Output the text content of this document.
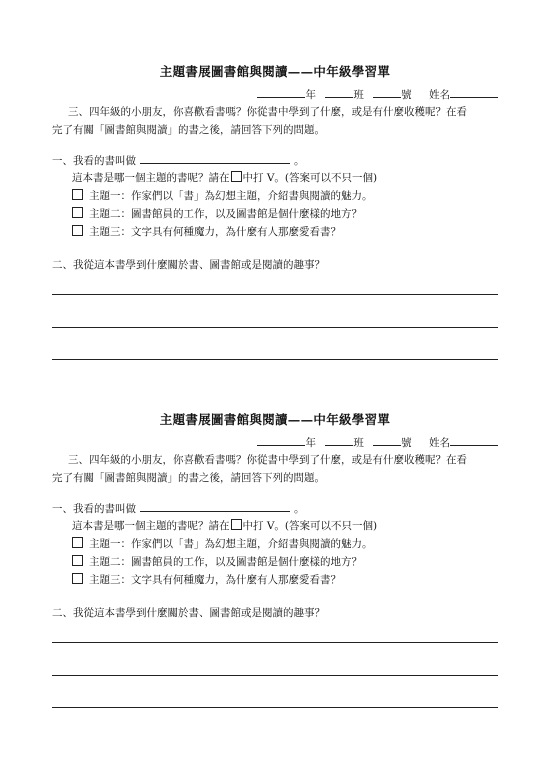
主題書展圖書館與閱讀——中年級學習單
年	班	號 姓名
三、四年級的小朋友，你喜歡看書嗎？你從書中學到了什麼，或是有什麼收穫呢？在看
完了有關「圖書館與閱讀」的書之後，請回答下列的問題。
一、我看的書叫做	。
這本書是哪一個主題的書呢？請在 中打 V。(答案可以不只一個)
主題一：作家們以「書」為幻想主題，介紹書與閱讀的魅力。
主題二：圖書館員的工作，以及圖書館是個什麼樣的地方？
主題三：文字具有何種魔力，為什麼有人那麼愛看書？
二、我從這本書學到什麼關於書、圖書館或是閱讀的趣事？
主題書展圖書館與閱讀——中年級學習單
年	班	號 姓名
三、四年級的小朋友，你喜歡看書嗎？你從書中學到了什麼，或是有什麼收穫呢？在看
完了有關「圖書館與閱讀」的書之後，請回答下列的問題。
一、我看的書叫做	。
這本書是哪一個主題的書呢？請在 中打 V。(答案可以不只一個)
主題一：作家們以「書」為幻想主題，介紹書與閱讀的魅力。
主題二：圖書館員的工作，以及圖書館是個什麼樣的地方？
主題三：文字具有何種魔力，為什麼有人那麼愛看書？
二、我從這本書學到什麼關於書、圖書館或是閱讀的趣事？
